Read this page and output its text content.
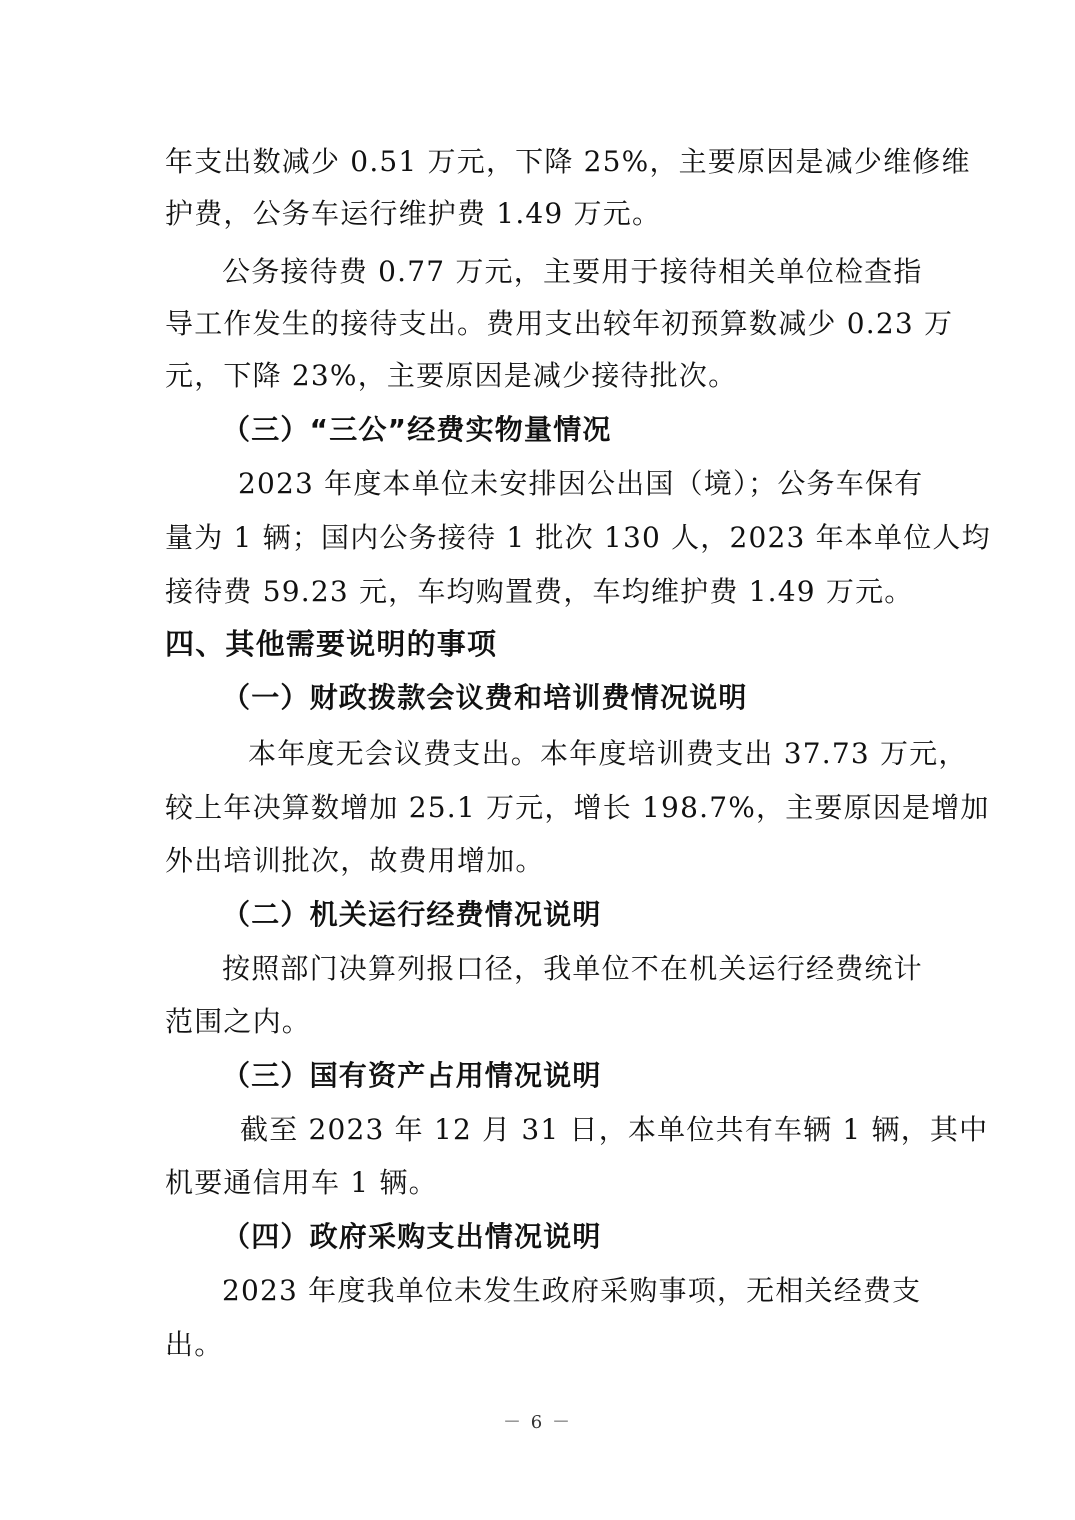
年支出数减少 0.51 万元，下降 25%，主要原因是减少维修维
护费，公务车运行维护费 1.49 万元。
公务接待费 0.77 万元，主要用于接待相关单位检查指
导工作发生的接待支出。费用支出较年初预算数减少 0.23 万
元，下降 23%，主要原因是减少接待批次。
（三）“三公”经费实物量情况
2023 年度本单位未安排因公出国（境）；公务车保有
量为 1 辆；国内公务接待 1 批次 130 人，2023 年本单位人均
接待费 59.23 元，车均购置费，车均维护费 1.49 万元。
四、其他需要说明的事项
（一）财政拨款会议费和培训费情况说明
本年度无会议费支出。本年度培训费支出 37.73 万元，
较上年决算数增加 25.1 万元，增长 198.7%，主要原因是增加
外出培训批次，故费用增加。
（二）机关运行经费情况说明
按照部门决算列报口径，我单位不在机关运行经费统计
范围之内。
（三）国有资产占用情况说明
截至 2023 年 12 月 31 日，本单位共有车辆 1 辆，其中
机要通信用车 1 辆。
（四）政府采购支出情况说明
2023 年度我单位未发生政府采购事项，无相关经费支
出。
－ 6 －
